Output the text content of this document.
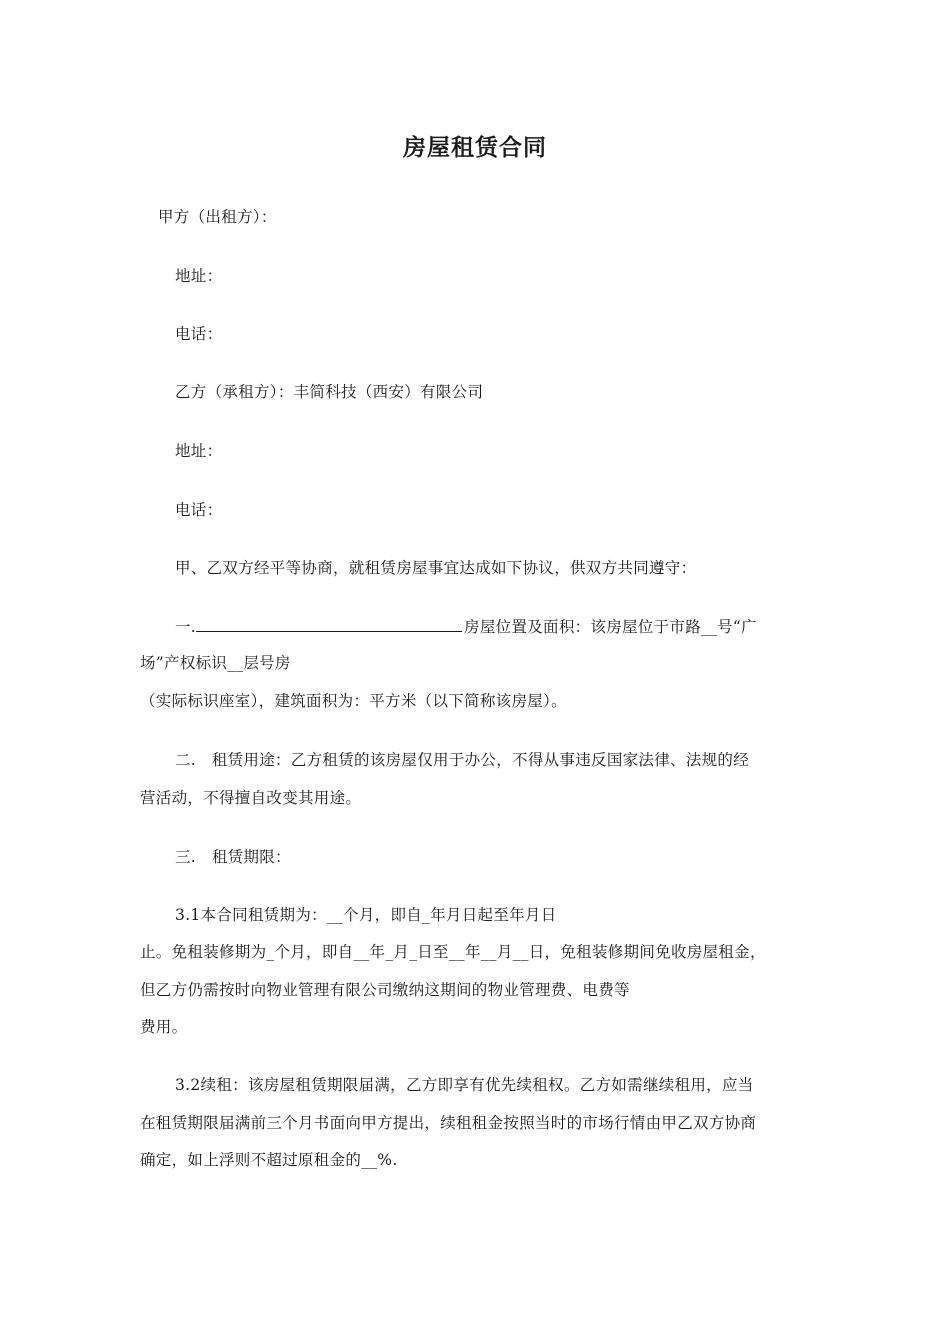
房屋租赁合同
甲方（出租方）：
地址：
电话：
乙方（承租方）：丰简科技（西安）有限公司
地址：
电话：
甲、乙双方经平等协商，就租赁房屋事宜达成如下协议，供双方共同遵守：
一.	房屋位置及面积：该房屋位于市路__号“广
场”产权标识__层号房
（实际标识座室），建筑面积为：平方米（以下简称该房屋）。
二.　租赁用途：乙方租赁的该房屋仅用于办公，不得从事违反国家法律、法规的经
营活动，不得擅自改变其用途。
三.　租赁期限：
3.1本合同租赁期为：__个月，即自_年月日起至年月日
止。免租装修期为_个月，即自__年_月_日至__年__月__日，免租装修期间免收房屋租金，
但乙方仍需按时向物业管理有限公司缴纳这期间的物业管理费、电费等
费用。
3.2续租：该房屋租赁期限届满，乙方即享有优先续租权。乙方如需继续租用，应当
在租赁期限届满前三个月书面向甲方提出，续租租金按照当时的市场行情由甲乙双方协商
确定，如上浮则不超过原租金的__%.
